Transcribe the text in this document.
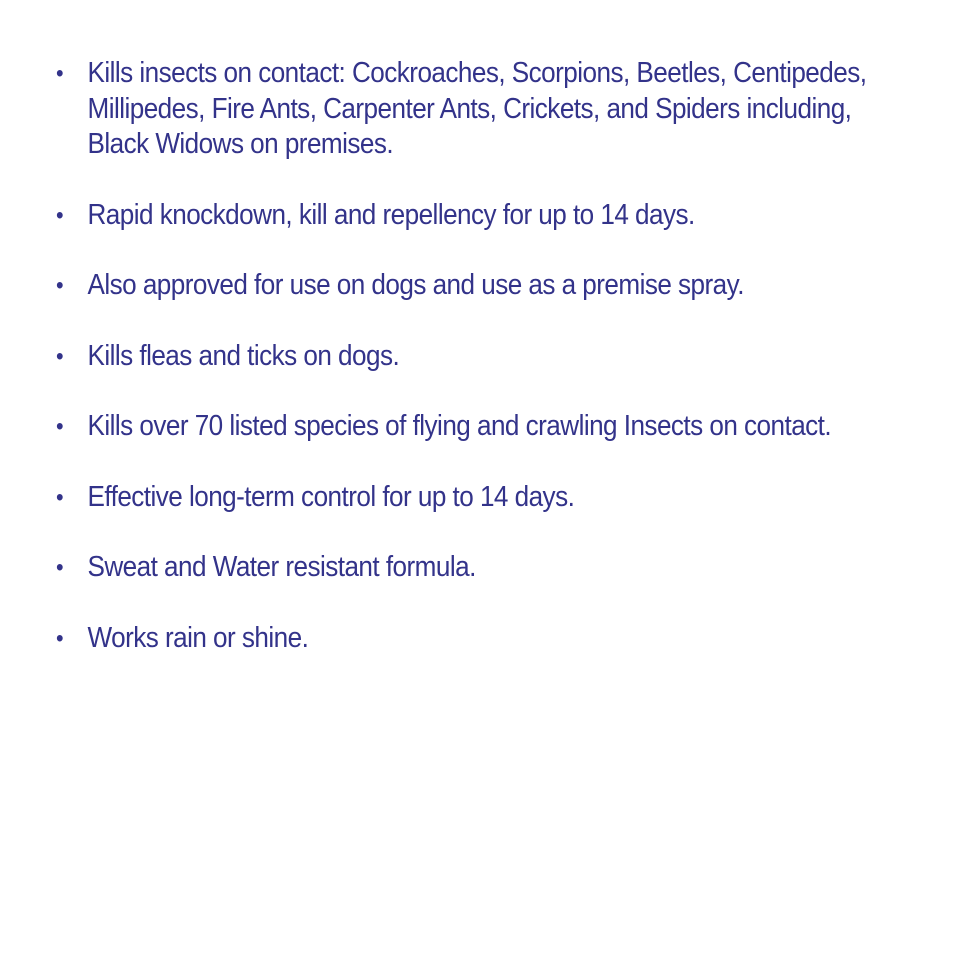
• Kills insects on contact: Cockroaches, Scorpions, Beetles, Centipedes, Millipedes, Fire Ants, Carpenter Ants, Crickets, and Spiders including, Black Widows on premises.
• Rapid knockdown, kill and repellency for up to 14 days.
• Also approved for use on dogs and use as a premise spray.
• Kills fleas and ticks on dogs.
• Kills over 70 listed species of flying and crawling Insects on contact.
• Effective long-term control for up to 14 days.
• Sweat and Water resistant formula.
• Works rain or shine.
